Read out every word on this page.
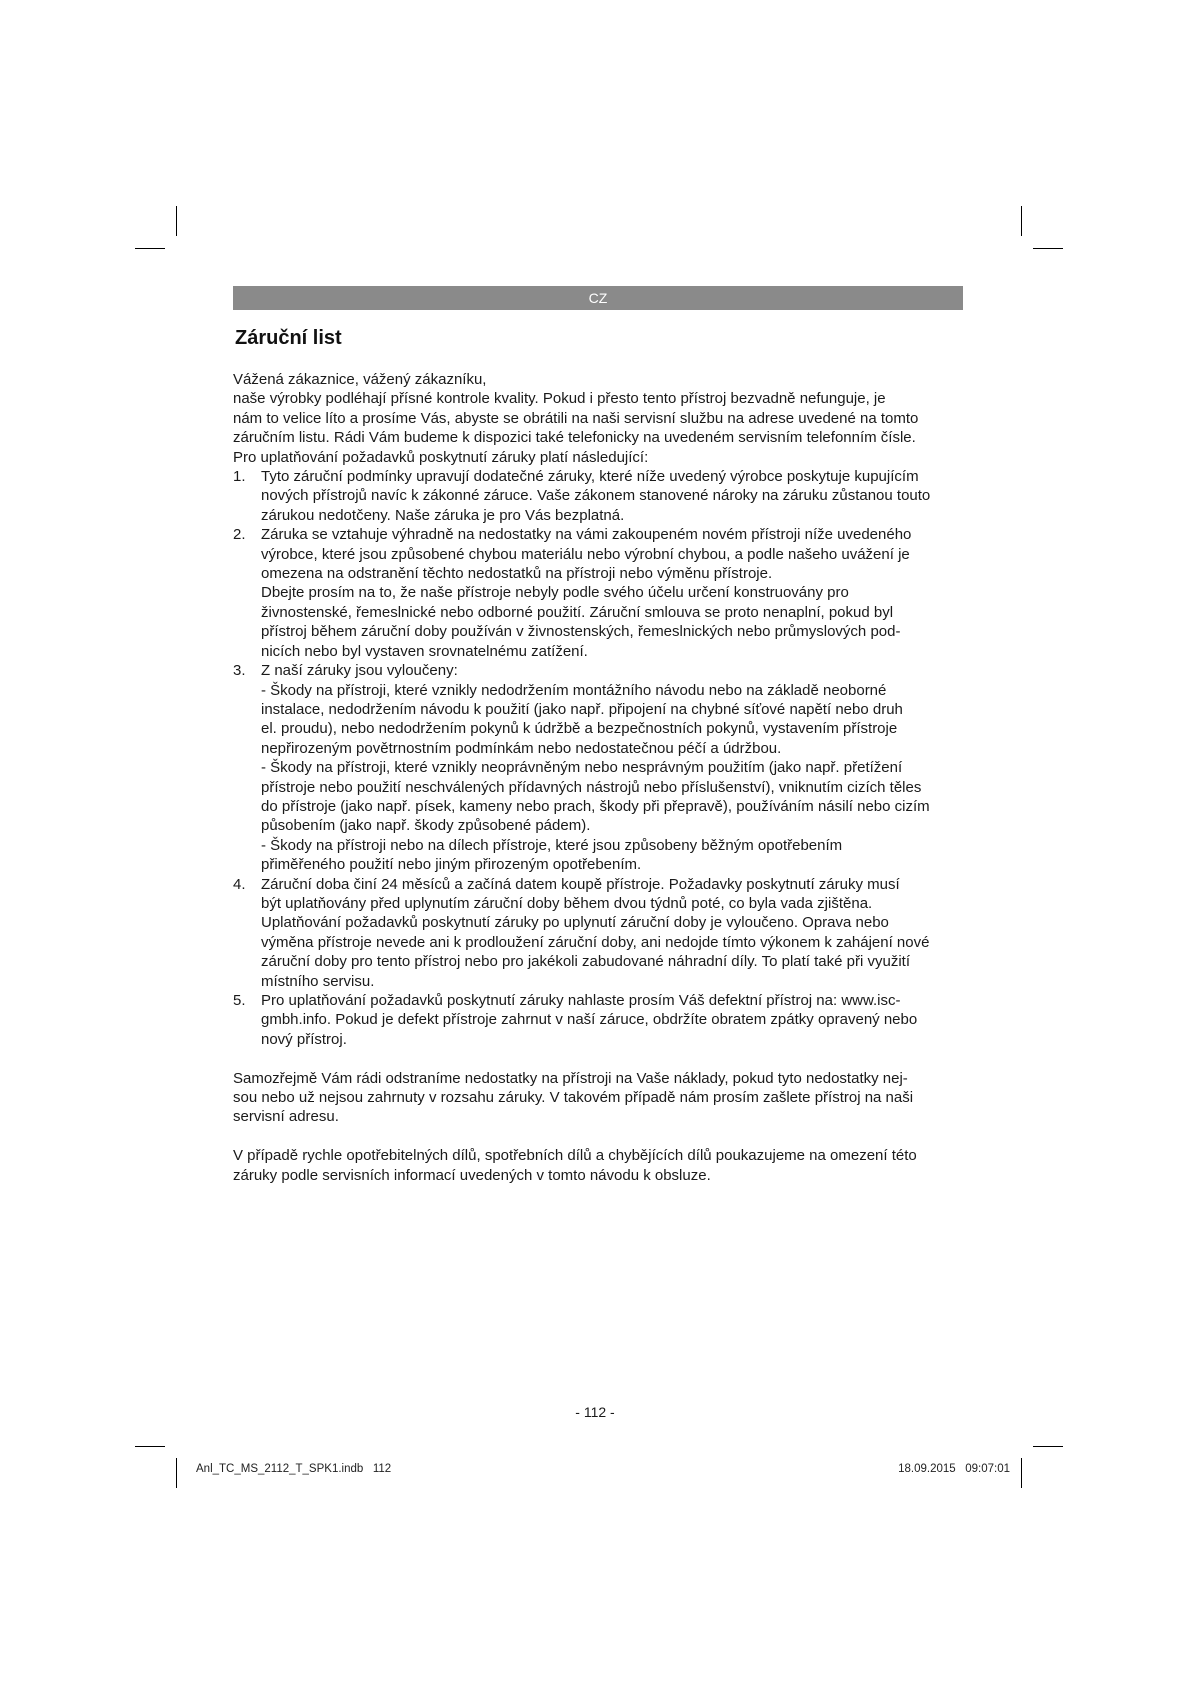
CZ
Záruční list

Vážená zákaznice, vážený zákazníku,

naše výrobky podléhají přísné kontrole kvality. Pokud i přesto tento přístroj bezvadně nefunguje, je

nám to velice líto a prosíme Vás, abyste se obrátili na naši servisní službu na adrese uvedené na tomto

záručním listu. Rádi Vám budeme k dispozici také telefonicky na uvedeném servisním telefonním čísle.

Pro uplatňování požadavků poskytnutí záruky platí následující:

1. Tyto záruční podmínky upravují dodatečné záruky, které níže uvedený výrobce poskytuje kupujícím

nových přístrojů navíc k zákonné záruce. Vaše zákonem stanovené nároky na záruku zůstanou touto

zárukou nedotčeny. Naše záruka je pro Vás bezplatná.

2. Záruka se vztahuje výhradně na nedostatky na vámi zakoupeném novém přístroji níže uvedeného

výrobce, které jsou způsobené chybou materiálu nebo výrobní chybou, a podle našeho uvážení je

omezena na odstranění těchto nedostatků na přístroji nebo výměnu přístroje.

Dbejte prosím na to, že naše přístroje nebyly podle svého účelu určení konstruovány pro

živnostenské, řemeslnické nebo odborné použití. Záruční smlouva se proto nenaplní, pokud byl

přístroj během záruční doby používán v živnostenských, řemeslnických nebo průmyslových pod-

nicích nebo byl vystaven srovnatelnému zatížení.

3. Z naší záruky jsou vyloučeny:

- Škody na přístroji, které vznikly nedodržením montážního návodu nebo na základě neoborné

instalace, nedodržením návodu k použití (jako např. připojení na chybné síťové napětí nebo druh

el. proudu), nebo nedodržením pokynů k údržbě a bezpečnostních pokynů, vystavením přístroje

nepřirozeným povětrnostním podmínkám nebo nedostatečnou péčí a údržbou.

- Škody na přístroji, které vznikly neoprávněným nebo nesprávným použitím (jako např. přetížení

přístroje nebo použití neschválených přídavných nástrojů nebo příslušenství), vniknutím cizích těles

do přístroje (jako např. písek, kameny nebo prach, škody při přepravě), používáním násilí nebo cizím

působením (jako např. škody způsobené pádem).

- Škody na přístroji nebo na dílech přístroje, které jsou způsobeny běžným opotřebením

přiměřeného použití nebo jiným přirozeným opotřebením.

4. Záruční doba činí 24 měsíců a začíná datem koupě přístroje. Požadavky poskytnutí záruky musí

být uplatňovány před uplynutím záruční doby během dvou týdnů poté, co byla vada zjištěna.

Uplatňování požadavků poskytnutí záruky po uplynutí záruční doby je vyloučeno. Oprava nebo

výměna přístroje nevede ani k prodloužení záruční doby, ani nedojde tímto výkonem k zahájení nové

záruční doby pro tento přístroj nebo pro jakékoli zabudované náhradní díly. To platí také při využití

místního servisu.

5. Pro uplatňování požadavků poskytnutí záruky nahlaste prosím Váš defektní přístroj na: www.isc-

gmbh.info. Pokud je defekt přístroje zahrnut v naší záruce, obdržíte obratem zpátky opravený nebo

nový přístroj.

Samozřejmě Vám rádi odstraníme nedostatky na přístroji na Vaše náklady, pokud tyto nedostatky nej-

sou nebo už nejsou zahrnuty v rozsahu záruky. V takovém případě nám prosím zašlete přístroj na naši

servisní adresu.

V případě rychle opotřebitelných dílů, spotřebních dílů a chybějících dílů poukazujeme na omezení této

záruky podle servisních informací uvedených v tomto návodu k obsluze.

- 112 -
Anl_TC_MS_2112_T_SPK1.indb   112	18.09.2015   09:07:01
